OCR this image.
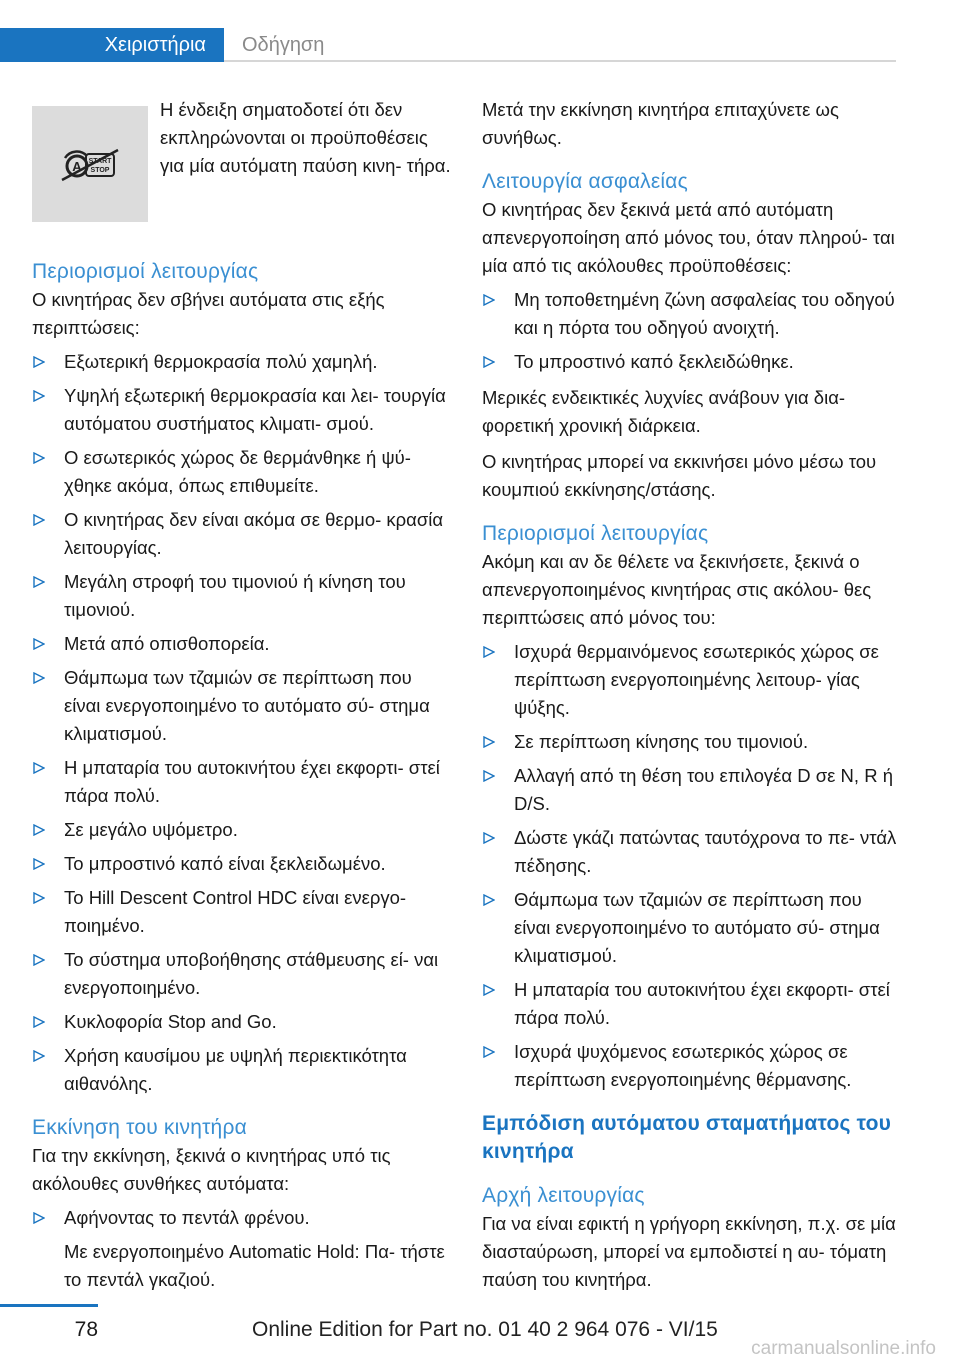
Χειριστήρια	Οδήγηση
A START
STOP
Η ένδειξη σηματοδοτεί ότι δεν εκπληρώνονται οι προϋποθέσεις για μία αυτόματη παύση κινη‐ τήρα.
Περιορισμοί λειτουργίας

Ο κινητήρας δεν σβήνει αυτόματα στις εξής περιπτώσεις:

Εξωτερική θερμοκρασία πολύ χαμηλή.
Υψηλή εξωτερική θερμοκρασία και λει‐ τουργία αυτόματου συστήματος κλιματι‐ σμού.
Ο εσωτερικός χώρος δε θερμάνθηκε ή ψύ‐ χθηκε ακόμα, όπως επιθυμείτε.
Ο κινητήρας δεν είναι ακόμα σε θερμο‐ κρασία λειτουργίας.
Μεγάλη στροφή του τιμονιού ή κίνηση του τιμονιού.
Μετά από οπισθοπορεία.
Θάμπωμα των τζαμιών σε περίπτωση που είναι ενεργοποιημένο το αυτόματο σύ‐ στημα κλιματισμού.
Η μπαταρία του αυτοκινήτου έχει εκφορτι‐ στεί πάρα πολύ.
Σε μεγάλο υψόμετρο.
Το μπροστινό καπό είναι ξεκλειδωμένο.
Το Hill Descent Control HDC είναι ενεργο‐ ποιημένο.
Το σύστημα υποβοήθησης στάθμευσης εί‐ ναι ενεργοποιημένο.
Κυκλοφορία Stop and Go.
Χρήση καυσίμου με υψηλή περιεκτικότητα αιθανόλης.
Εκκίνηση του κινητήρα

Για την εκκίνηση, ξεκινά ο κινητήρας υπό τις ακόλουθες συνθήκες αυτόματα:

Αφήνοντας το πεντάλ φρένου.

Με ενεργοποιημένο Automatic Hold: Πα‐ τήστε το πεντάλ γκαζιού.

Μετά την εκκίνηση κινητήρα επιταχύνετε ως συνήθως.

Λειτουργία ασφαλείας

Ο κινητήρας δεν ξεκινά μετά από αυτόματη απενεργοποίηση από μόνος του, όταν πληρού‐ ται μία από τις ακόλουθες προϋποθέσεις:

Μη τοποθετημένη ζώνη ασφαλείας του οδηγού και η πόρτα του οδηγού ανοιχτή.
Το μπροστινό καπό ξεκλειδώθηκε.

Μερικές ενδεικτικές λυχνίες ανάβουν για δια‐ φορετική χρονική διάρκεια.

Ο κινητήρας μπορεί να εκκινήσει μόνο μέσω του κουμπιού εκκίνησης/στάσης.

Περιορισμοί λειτουργίας

Ακόμη και αν δε θέλετε να ξεκινήσετε, ξεκινά ο απενεργοποιημένος κινητήρας στις ακόλου‐ θες περιπτώσεις από μόνος του:

Ισχυρά θερμαινόμενος εσωτερικός χώρος σε περίπτωση ενεργοποιημένης λειτουρ‐ γίας ψύξης.
Σε περίπτωση κίνησης του τιμονιού.
Αλλαγή από τη θέση του επιλογέα D σε N, R ή D/S.
Δώστε γκάζι πατώντας ταυτόχρονα το πε‐ ντάλ πέδησης.
Θάμπωμα των τζαμιών σε περίπτωση που είναι ενεργοποιημένο το αυτόματο σύ‐ στημα κλιματισμού.
Η μπαταρία του αυτοκινήτου έχει εκφορτι‐ στεί πάρα πολύ.
Ισχυρά ψυχόμενος εσωτερικός χώρος σε περίπτωση ενεργοποιημένης θέρμανσης.
Εμπόδιση αυτόματου σταματήματος του κινητήρα
Αρχή λειτουργίας

Για να είναι εφικτή η γρήγορη εκκίνηση, π.χ. σε μία διασταύρωση, μπορεί να εμποδιστεί η αυ‐ τόματη παύση του κινητήρα.

78	Online Edition for Part no. 01 40 2 964 076 - VI/15
carmanualsonline.info
